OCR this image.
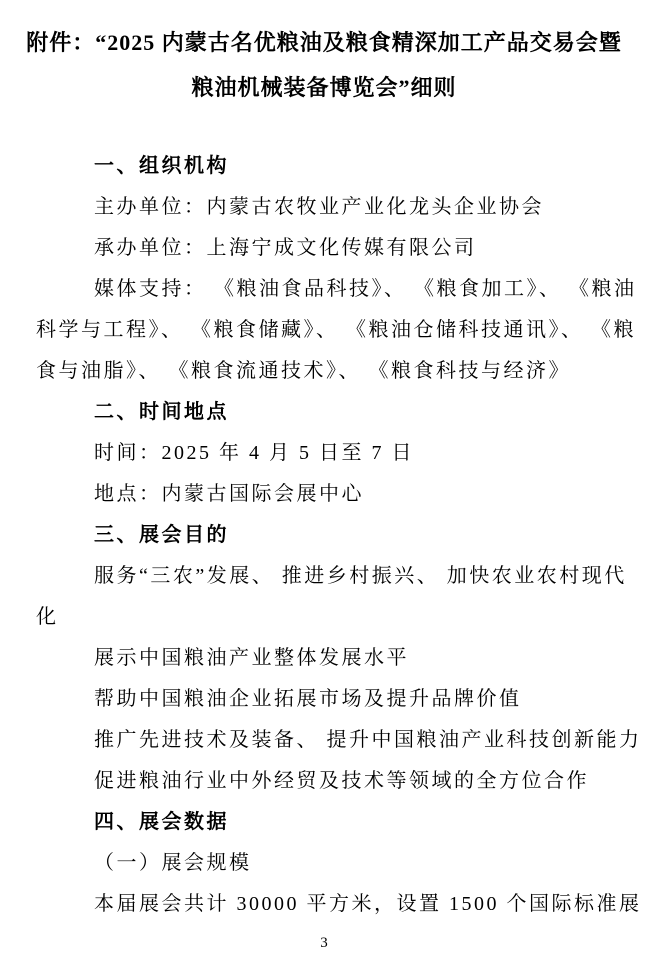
附件：“2025 内蒙古名优粮油及粮食精深加工产品交易会暨
粮油机械装备博览会”细则
一、组织机构
主办单位：内蒙古农牧业产业化龙头企业协会
承办单位：上海宁成文化传媒有限公司
媒体支持： 《粮油食品科技》、 《粮食加工》、 《粮油
科学与工程》、 《粮食储藏》、 《粮油仓储科技通讯》、 《粮
食与油脂》、 《粮食流通技术》、 《粮食科技与经济》
二、时间地点
时间：2025 年 4 月 5 日至 7 日
地点：内蒙古国际会展中心
三、展会目的
服务“三农”发展、 推进乡村振兴、 加快农业农村现代
化
展示中国粮油产业整体发展水平
帮助中国粮油企业拓展市场及提升品牌价值
推广先进技术及装备、 提升中国粮油产业科技创新能力
促进粮油行业中外经贸及技术等领域的全方位合作
四、展会数据
（一）展会规模
本届展会共计 30000 平方米，设置 1500 个国际标准展
3
